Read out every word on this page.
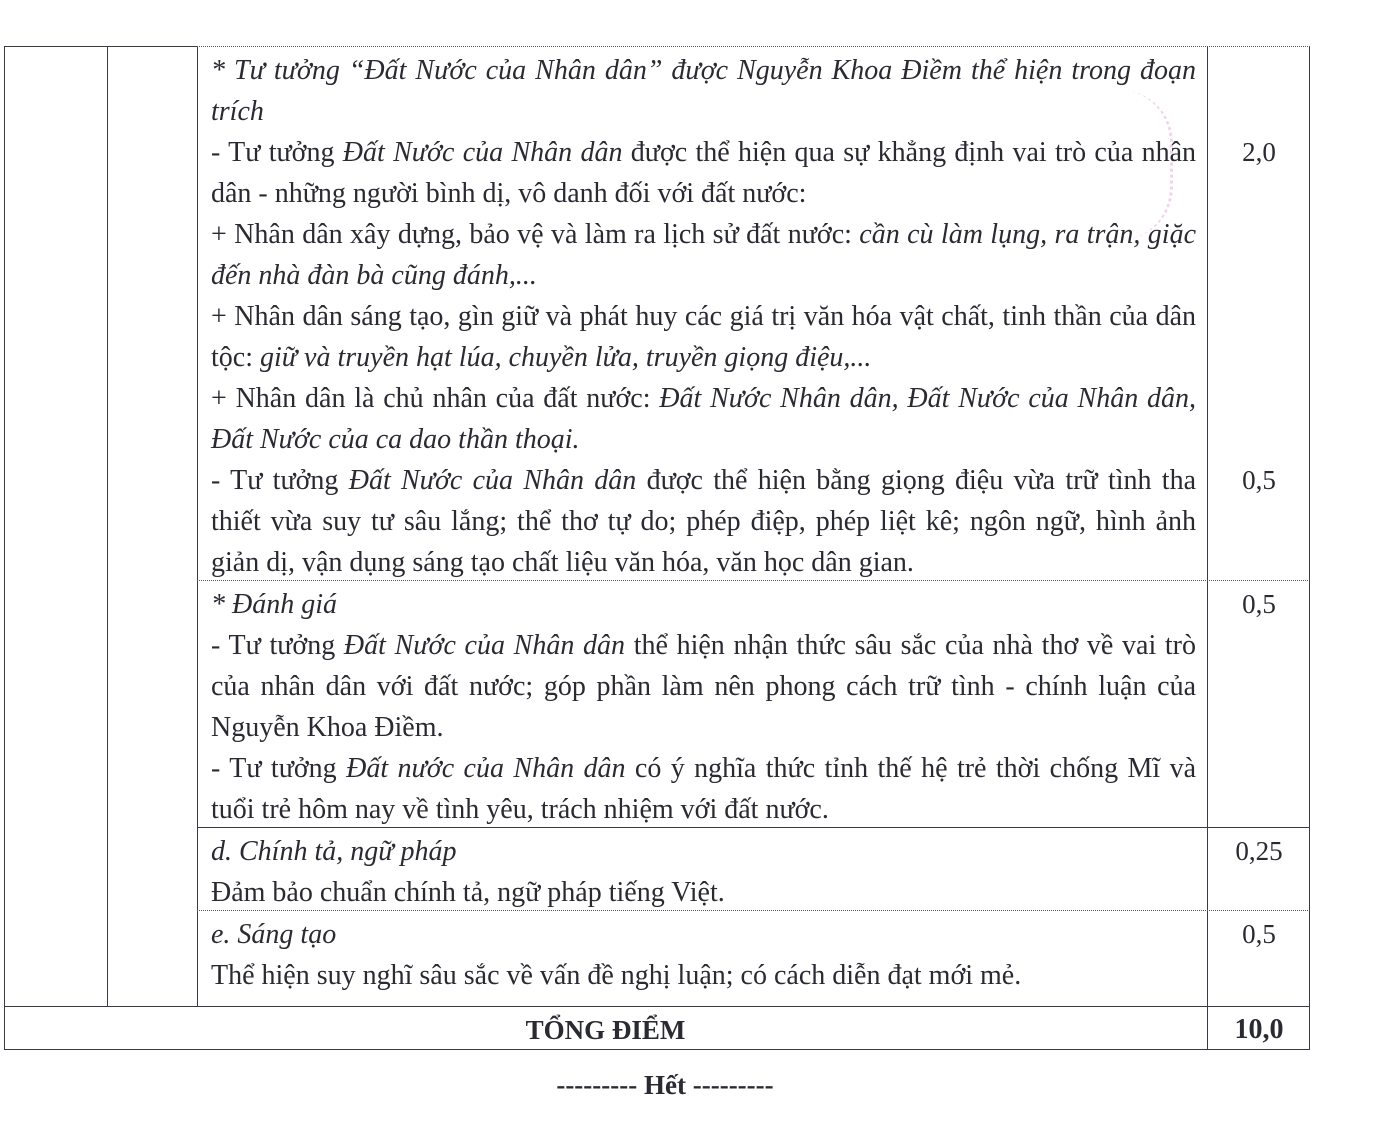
* Tư tưởng “Đất Nước của Nhân dân” được Nguyễn Khoa Điềm thể hiện trong đoạn trích
- Tư tưởng Đất Nước của Nhân dân được thể hiện qua sự khẳng định vai trò của nhân dân - những người bình dị, vô danh đối với đất nước:
+ Nhân dân xây dựng, bảo vệ và làm ra lịch sử đất nước: cần cù làm lụng, ra trận, giặc đến nhà đàn bà cũng đánh,...
+ Nhân dân sáng tạo, gìn giữ và phát huy các giá trị văn hóa vật chất, tinh thần của dân tộc: giữ và truyền hạt lúa, chuyền lửa, truyền giọng điệu,...
+ Nhân dân là chủ nhân của đất nước: Đất Nước Nhân dân, Đất Nước của Nhân dân, Đất Nước của ca dao thần thoại.
- Tư tưởng Đất Nước của Nhân dân được thể hiện bằng giọng điệu vừa trữ tình tha thiết vừa suy tư sâu lắng; thể thơ tự do; phép điệp, phép liệt kê; ngôn ngữ, hình ảnh giản dị, vận dụng sáng tạo chất liệu văn hóa, văn học dân gian.
2,0
0,5
* Đánh giá
- Tư tưởng Đất Nước của Nhân dân thể hiện nhận thức sâu sắc của nhà thơ về vai trò của nhân dân với đất nước; góp phần làm nên phong cách trữ tình - chính luận của Nguyễn Khoa Điềm.
- Tư tưởng Đất nước của Nhân dân có ý nghĩa thức tỉnh thế hệ trẻ thời chống Mĩ và tuổi trẻ hôm nay về tình yêu, trách nhiệm với đất nước.
0,5
d. Chính tả, ngữ pháp
Đảm bảo chuẩn chính tả, ngữ pháp tiếng Việt.
0,25
e. Sáng tạo
Thể hiện suy nghĩ sâu sắc về vấn đề nghị luận; có cách diễn đạt mới mẻ.
0,5
TỔNG ĐIỂM	10,0
--------- Hết ---------
